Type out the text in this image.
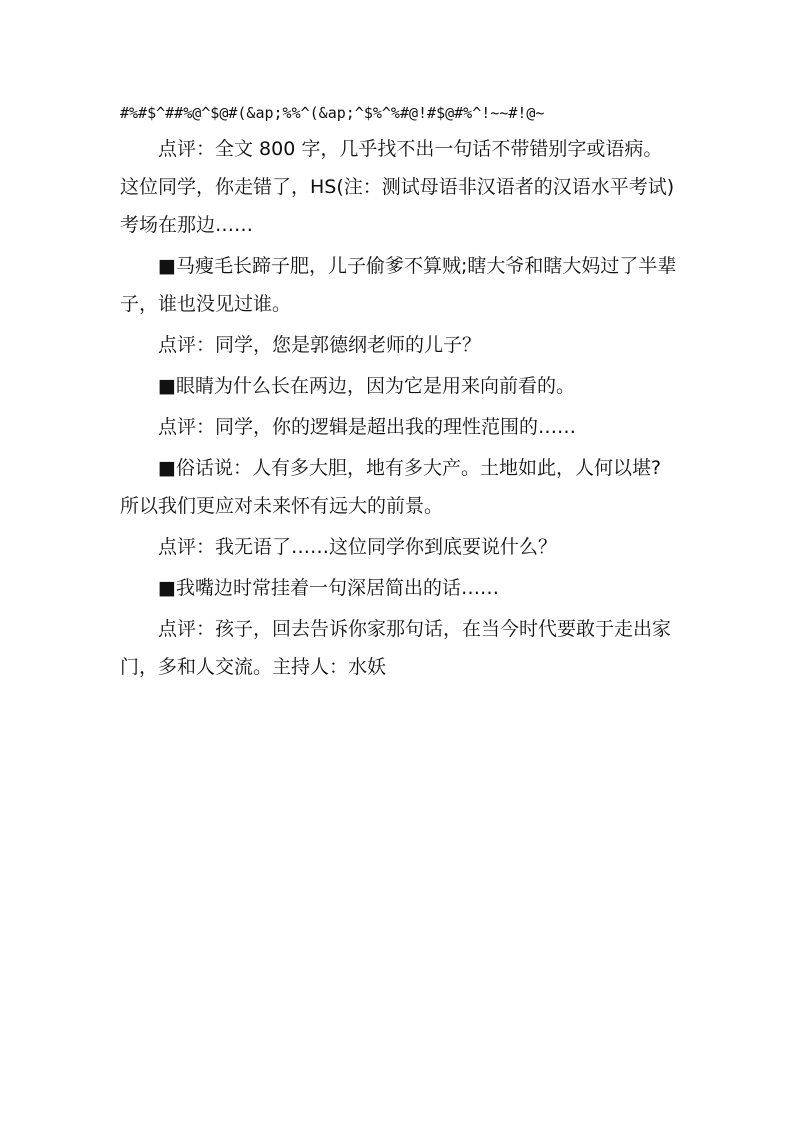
#%#$^##%@^$@#(&ap;%%^(&ap;^$%^%#@!#$@#%^!~~#!@~

点评：全文 800 字，几乎找不出一句话不带错别字或语病。这位同学，你走错了，HS(注：测试母语非汉语者的汉语水平考试)考场在那边……

■马瘦毛长蹄子肥，儿子偷爹不算贼;瞎大爷和瞎大妈过了半辈子，谁也没见过谁。

点评：同学，您是郭德纲老师的儿子？

■眼睛为什么长在两边，因为它是用来向前看的。

点评：同学，你的逻辑是超出我的理性范围的……

■俗话说：人有多大胆，地有多大产。土地如此，人何以堪?所以我们更应对未来怀有远大的前景。

点评：我无语了……这位同学你到底要说什么？

■我嘴边时常挂着一句深居简出的话……

点评：孩子，回去告诉你家那句话，在当今时代要敢于走出家门，多和人交流。主持人：水妖
